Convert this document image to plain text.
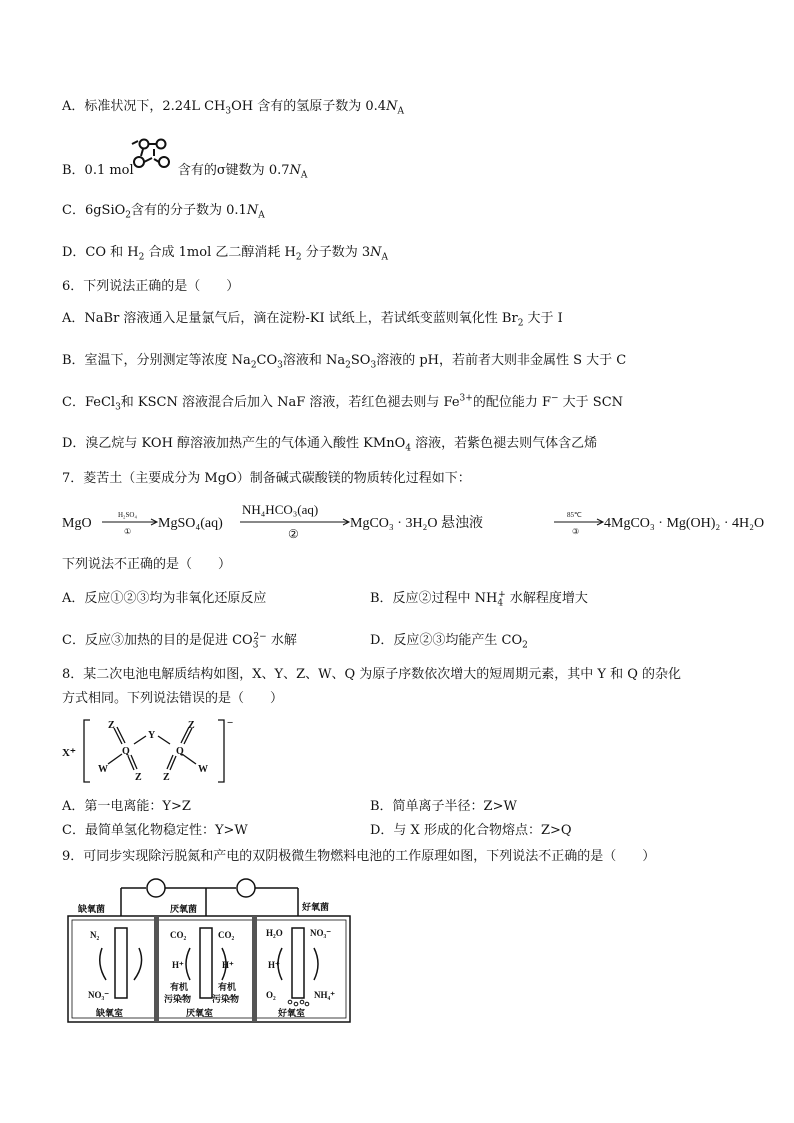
A．标准状况下，2.24L $CH_3OH$ 含有的氢原子数为 $0.4N_A$
B．0.1 mol	含有的σ键数为 $0.7N_A$
C．6gSiO$_2$含有的分子数为 $0.1N_A$
D．CO 和 $H_2$ 合成 1mol 乙二醇消耗 $H_2$ 分子数为 $3N_A$
6．下列说法正确的是（　　）
A．NaBr 溶液通入足量氯气后，滴在淀粉-KI 试纸上，若试纸变蓝则氧化性 $Br_2$ 大于 I
B．室温下，分别测定等浓度 $Na_2CO_3$溶液和 $Na_2SO_3$溶液的 pH，若前者大则非金属性 S 大于 C
C．FeCl$_3$和 KSCN 溶液混合后加入 NaF 溶液，若红色褪去则与 $Fe^{3+}$的配位能力 F− 大于 SCN
D．溴乙烷与 KOH 醇溶液加热产生的气体通入酸性 KMnO$_4$ 溶液，若紫色褪去则气体含乙烯
7．菱苦土（主要成分为 MgO）制备碱式碳酸镁的物质转化过程如下：
MgO
H₂SO₄
①
MgSO₄(aq)
NH₄HCO₃(aq)
②
MgCO₃ · 3H₂O 悬浊液
85℃
③
4MgCO₃ · Mg(OH)₂ · 4H₂O
下列说法不正确的是（　　）
A．反应①②③均为非氧化还原反应	B．反应②过程中 $NH_4^+$ 水解程度增大
C．反应③加热的目的是促进 $CO_3^{2-}$ 水解	D．反应②③均能产生 $CO_2$
8．某二次电池电解质结构如图，X、Y、Z、W、Q 为原子序数依次增大的短周期元素，其中 Y 和 Q 的杂化
方式相同。下列说法错误的是（　　）
X⁺
−
Z	Z
Y
Q	Q
W	W
Z Z
A．第一电离能：Y>Z	B．简单离子半径：Z>W
C．最简单氢化物稳定性：Y>W	D．与 X 形成的化合物熔点：Z>Q
9．可同步实现除污脱氮和产电的双阴极微生物燃料电池的工作原理如图，下列说法不正确的是（　　）
缺氧菌	厌氧菌	好氧菌
N₂
NO₃⁻
CO₂	CO₂
H⁺	H⁺
有机
污染物
有机
污染物
H₂O	NO₃⁻
H⁺
O₂	NH₄⁺
缺氧室	厌氧室	好氧室
